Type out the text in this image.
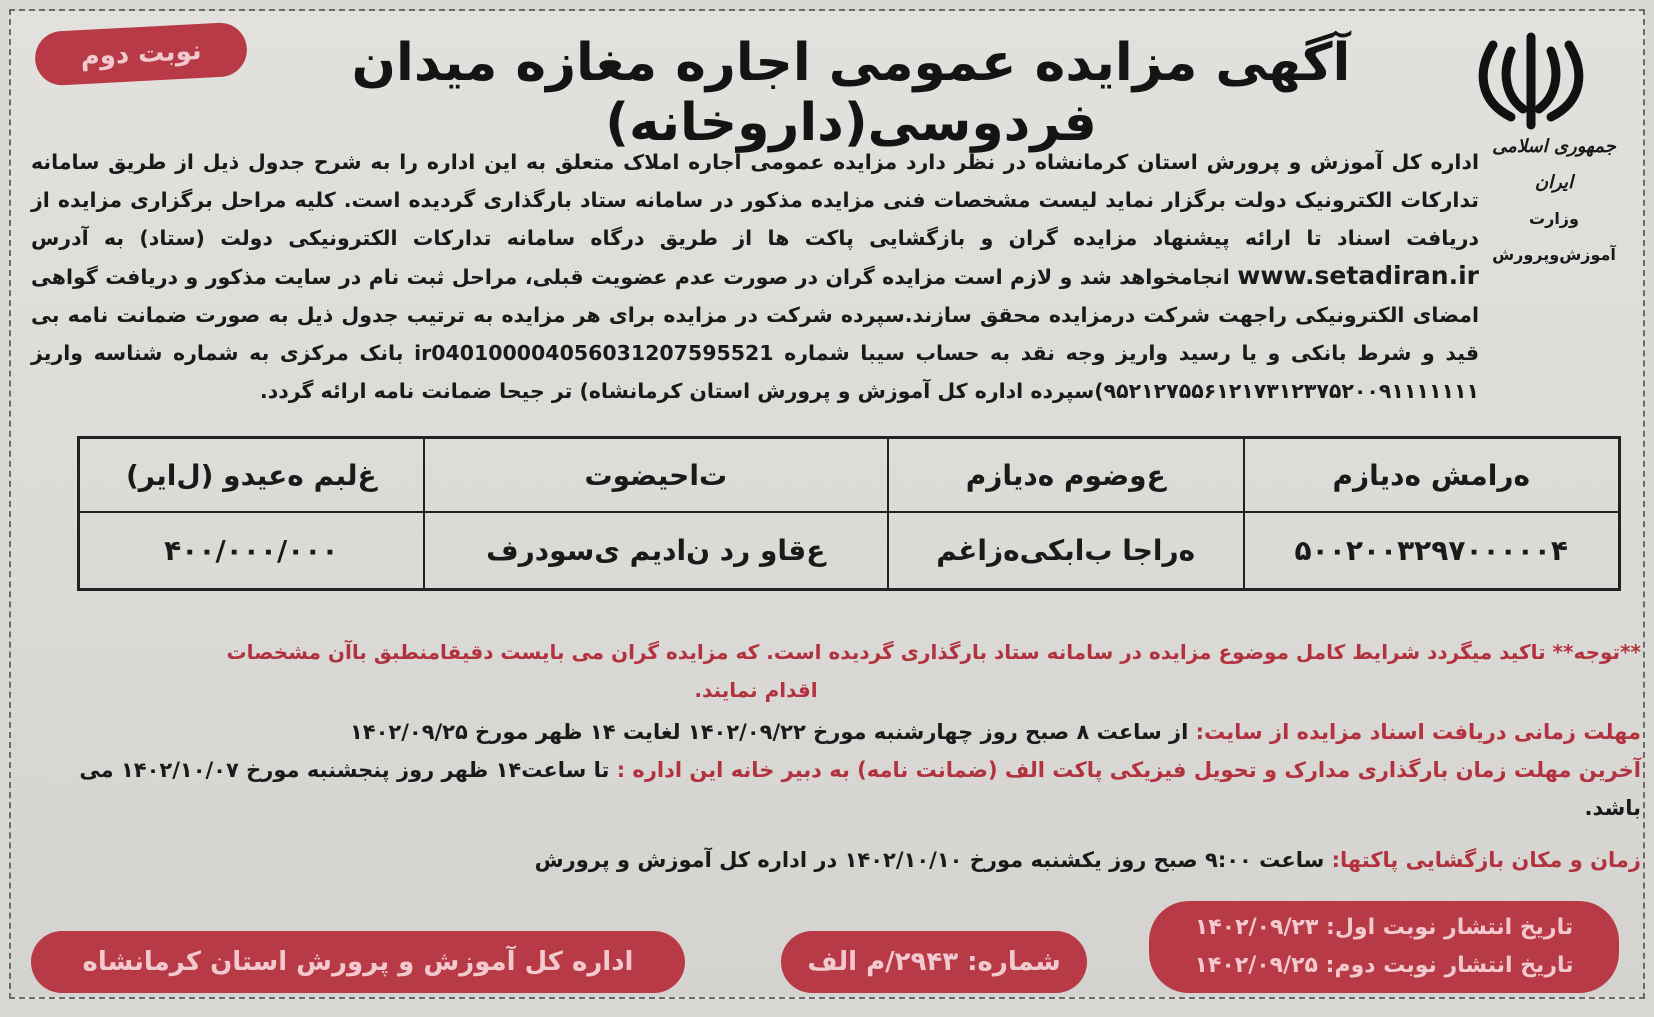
نوبت دوم	آگهی مزایده عمومی اجاره مغازه میدان فردوسی(داروخانه)	جمهوری اسلامی ایران
وزارت
آموزش‌وپرورش
اداره کل آموزش و پرورش استان کرمانشاه در نظر دارد مزایده عمومی اجاره املاک متعلق به این اداره را به شرح جدول ذیل از طریق سامانه تدارکات الکترونیک دولت برگزار نماید لیست مشخصات فنی مزایده مذکور در سامانه ستاد بارگذاری گردیده است. کلیه مراحل برگزاری مزایده از دریافت اسناد تا ارائه پیشنهاد مزایده گران و بازگشایی پاکت ها از طریق درگاه سامانه تدارکات الکترونیکی دولت (ستاد) به آدرس www.setadiran.ir انجامخواهد شد و لازم است مزایده گران در صورت عدم عضویت قبلی، مراحل ثبت نام در سایت مذکور و دریافت گواهی امضای الکترونیکی راجهت شرکت درمزایده محقق سازند.سپرده شرکت در مزایده برای هر مزایده به ترتیب جدول ذیل به صورت ضمانت نامه بی قید و شرط بانکی و یا رسید واریز وجه نقد به حساب سیبا شماره ir040100004056031207595521 بانک مرکزی به شماره شناسه واریز ۹۵۲۱۲۷۵۵۶۱۲۱۷۳۱۲۳۷۵۲۰۰۹۱۱۱۱۱۱۱)سپرده اداره کل آموزش و پرورش استان کرمانشاه) تر جیحا ضمانت نامه ارائه گردد.
ه‌رامش ه‌دیازم	ع‌وضوم ه‌دیازم	ت‌احیضوت	غ‌لبم ه‌عیدو (ل‌ایر)
۵۰۰۲۰۰۳۲۹۷۰۰۰۰۰۴	ه‌راجا ب‌ابکی‌ه‌زاغم	ع‌قاو رد ن‌ادیم ی‌سودرف	۴۰۰/۰۰۰/۰۰۰
**توجه** تاکید میگردد شرایط کامل موضوع مزایده در سامانه ستاد بارگذاری گردیده است. که مزایده گران می بایست دقیقامنطبق باآن مشخصات
اقدام نمایند.
مهلت زمانی دریافت اسناد مزایده از سایت: از ساعت ۸ صبح روز چهارشنبه مورخ ۱۴۰۲/۰۹/۲۲ لغایت ۱۴ ظهر مورخ ۱۴۰۲/۰۹/۲۵
آخرین مهلت زمان بارگذاری مدارک و تحویل فیزیکی پاکت الف (ضمانت نامه) به دبیر خانه این اداره : تا ساعت۱۴ ظهر روز پنجشنبه مورخ ۱۴۰۲/۱۰/۰۷ می باشد.
زمان و مکان بازگشایی پاکتها: ساعت ۹:۰۰ صبح روز یکشنبه مورخ ۱۴۰۲/۱۰/۱۰ در اداره کل آموزش و پرورش
تاریخ انتشار نوبت اول: ۱۴۰۲/۰۹/۲۳
تاریخ انتشار نوبت دوم: ۱۴۰۲/۰۹/۲۵
شماره: ۲۹۴۳/م الف
اداره کل آموزش و پرورش استان کرمانشاه
